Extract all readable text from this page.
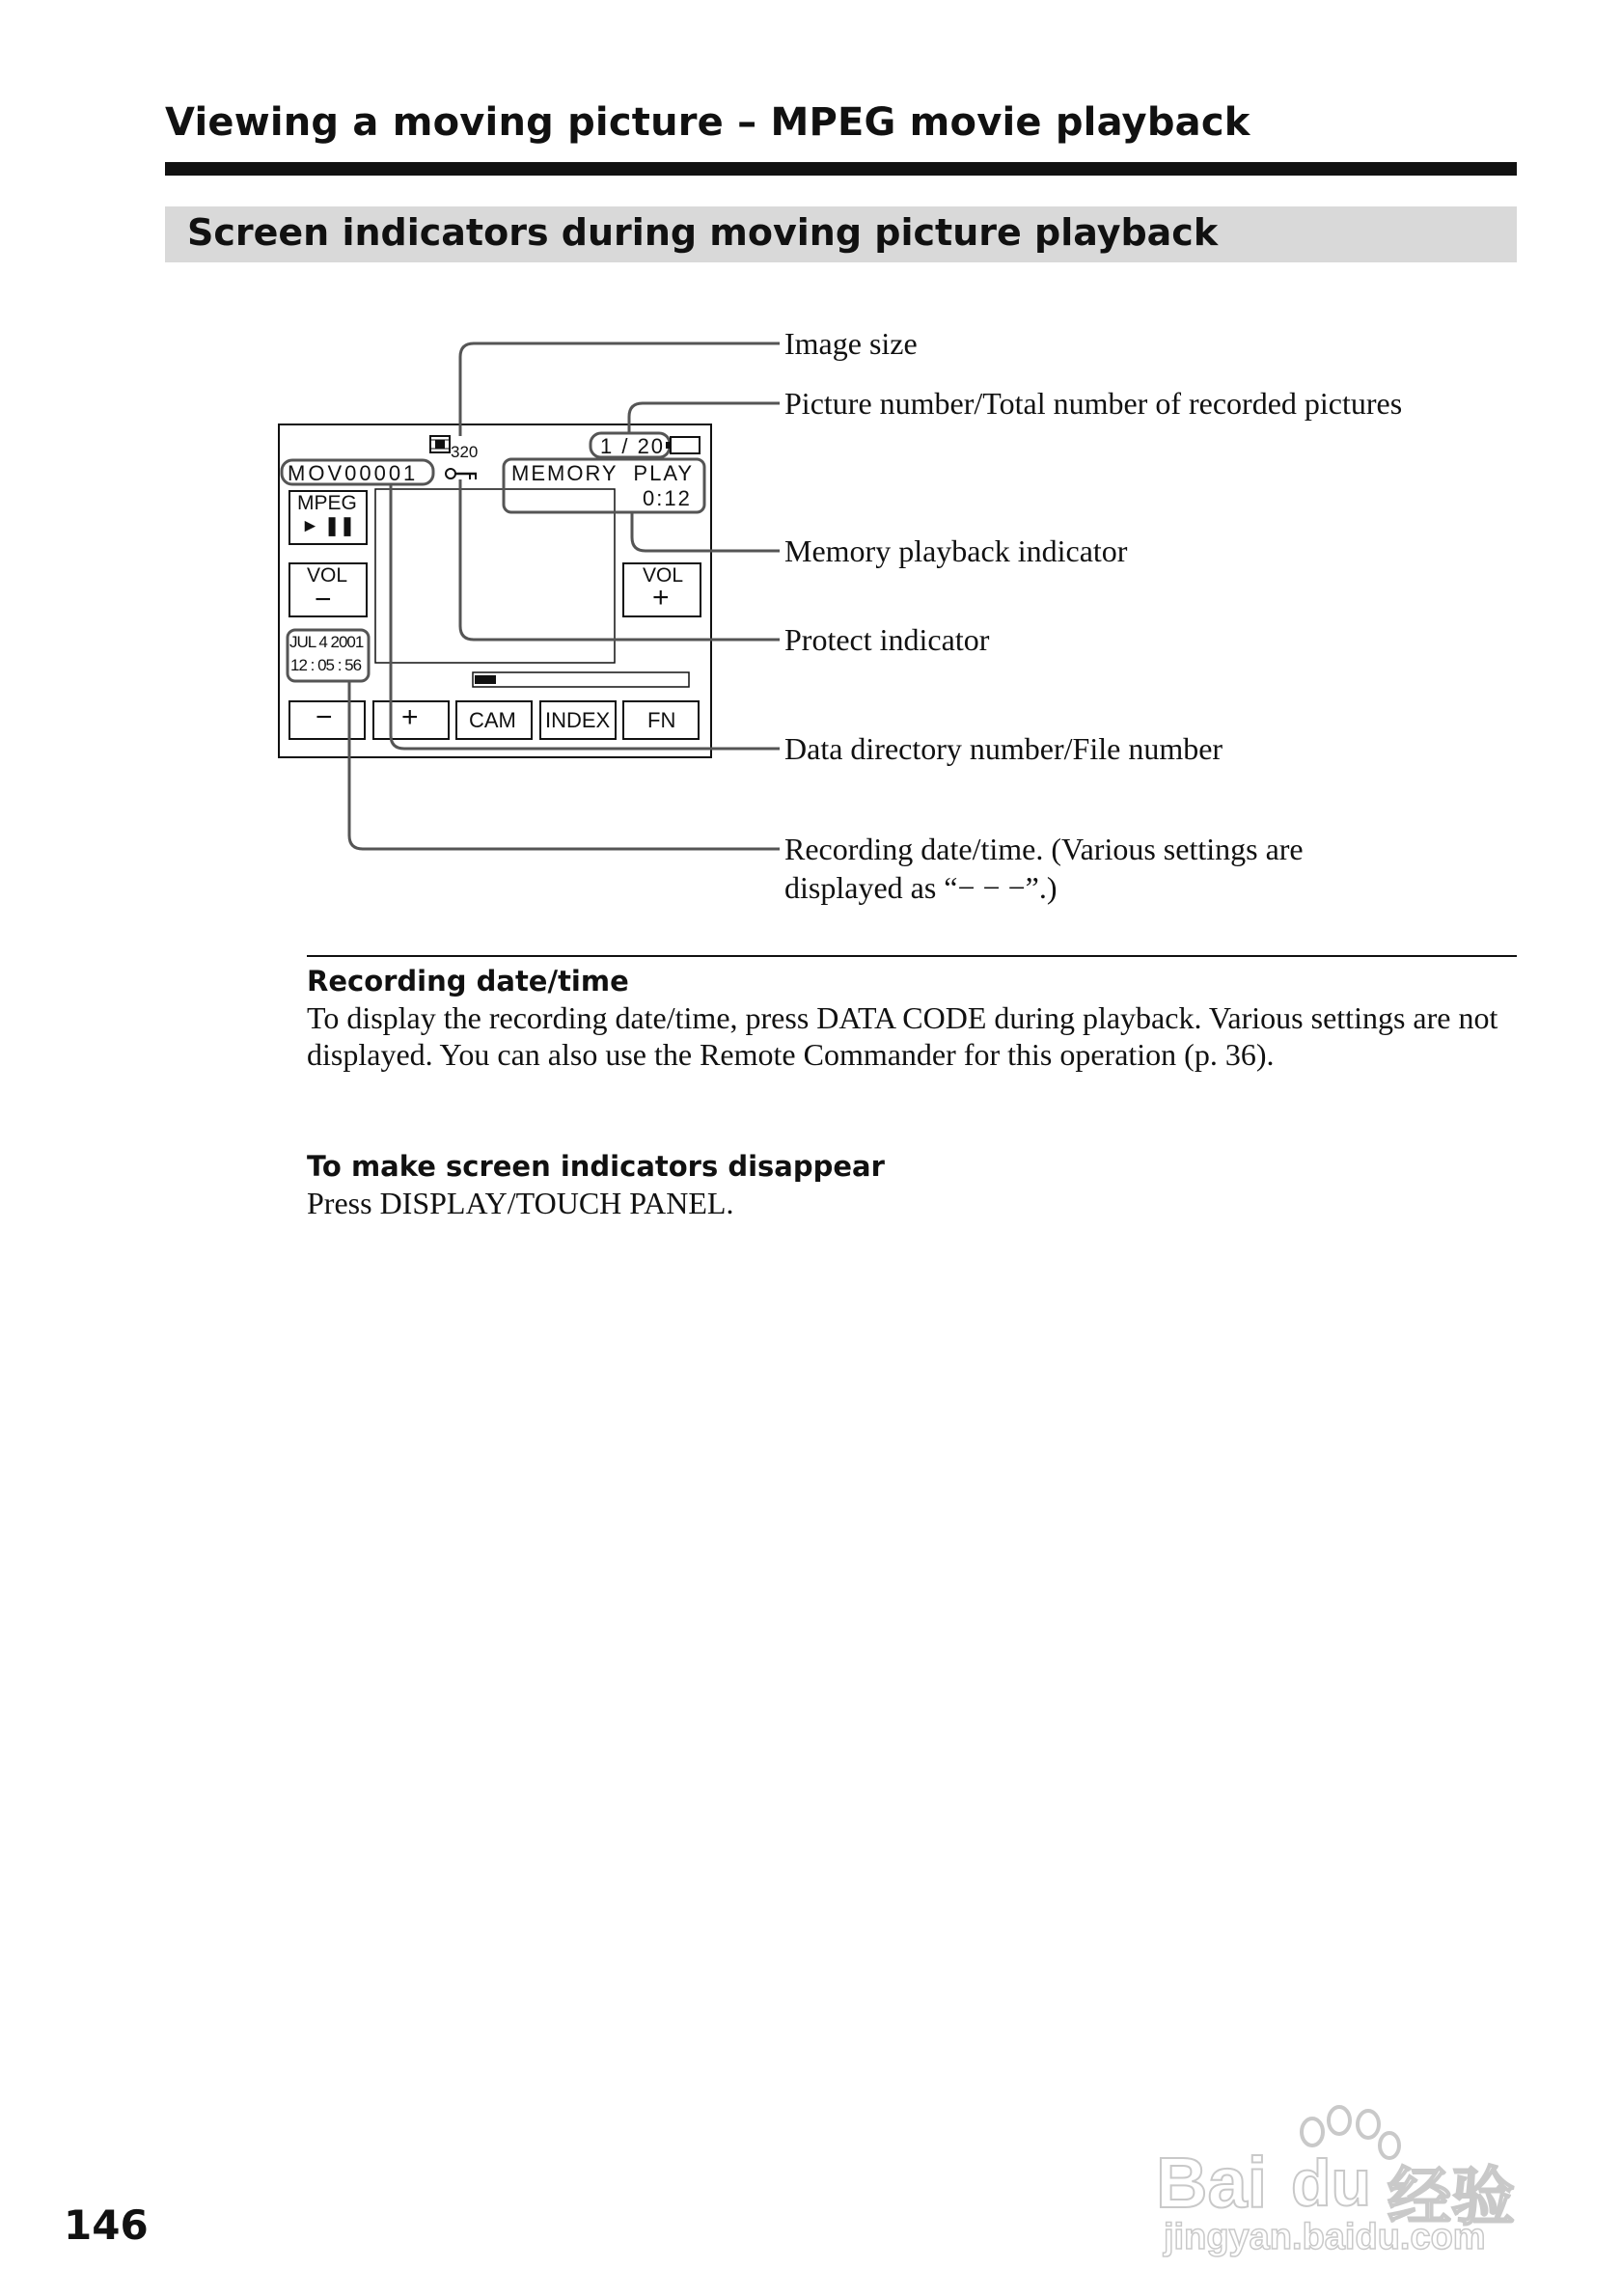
Viewing a moving picture – MPEG movie playback
Screen indicators during moving picture playback
320	1 / 20
MOV00001	MEMORY  PLAY
0:12
MPEG
► ❚❚
VOL
−
VOL
+
JUL 4 2001
12 : 05 : 56
− + CAM INDEX FN
Image size
Picture number/Total number of recorded pictures
Memory playback indicator
Protect indicator
Data directory number/File number
Recording date/time. (Various settings are
displayed as “− − −”.)
Recording date/time
To display the recording date/time, press DATA CODE during playback. Various settings are not displayed. You can also use the Remote Commander for this operation (p. 36).
To make screen indicators disappear
Press DISPLAY/TOUCH PANEL.
146
Bai du 经验
jingyan.baidu.com
